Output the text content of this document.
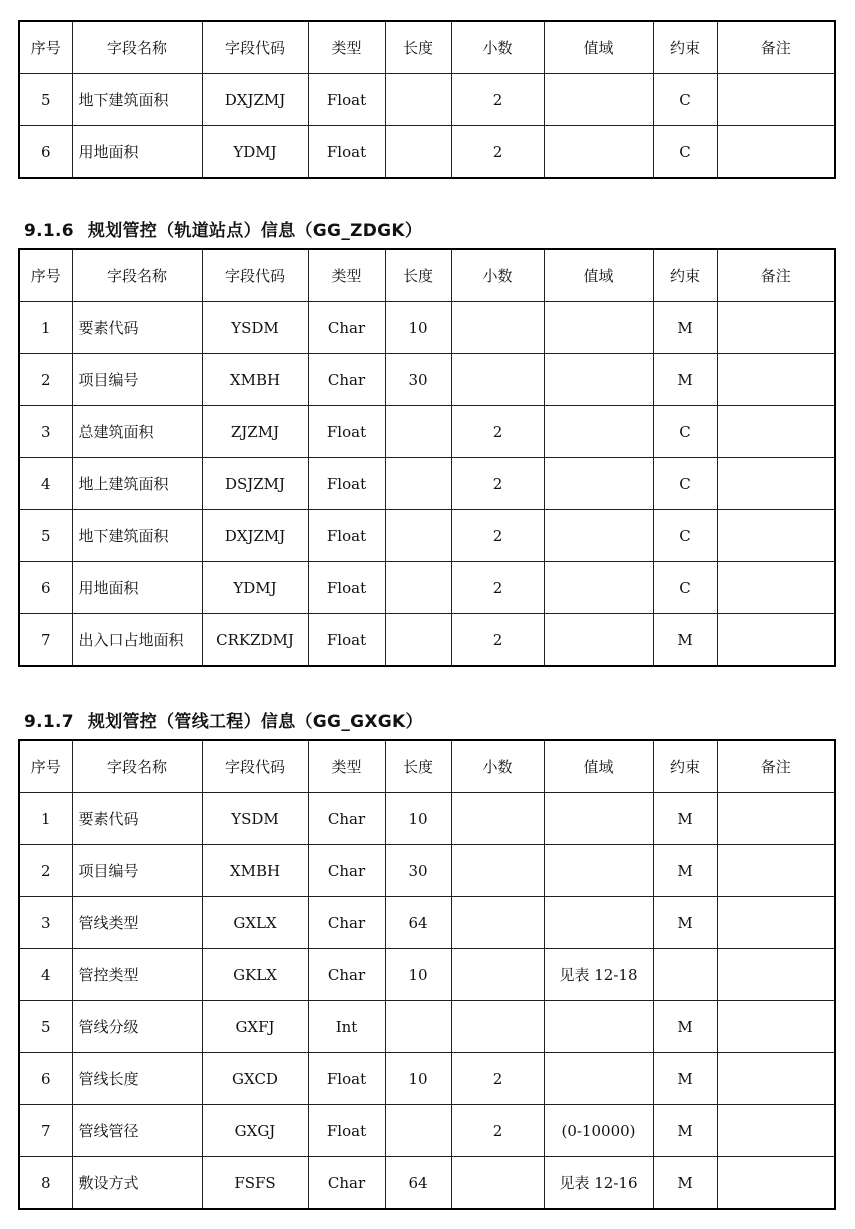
序号	字段名称	字段代码	类型	长度	小数	值域	约束	备注
5	地下建筑面积	DXJZMJ	Float		2		C	
6	用地面积	YDMJ	Float		2		C	
9.1.6 规划管控（轨道站点）信息（GG_ZDGK）
序号	字段名称	字段代码	类型	长度	小数	值域	约束	备注
1	要素代码	YSDM	Char	10			M	
2	项目编号	XMBH	Char	30			M	
3	总建筑面积	ZJZMJ	Float		2		C	
4	地上建筑面积	DSJZMJ	Float		2		C	
5	地下建筑面积	DXJZMJ	Float		2		C	
6	用地面积	YDMJ	Float		2		C	
7	出入口占地面积	CRKZDMJ	Float		2		M	
9.1.7 规划管控（管线工程）信息（GG_GXGK）
序号	字段名称	字段代码	类型	长度	小数	值域	约束	备注
1	要素代码	YSDM	Char	10			M	
2	项目编号	XMBH	Char	30			M	
3	管线类型	GXLX	Char	64			M	
4	管控类型	GKLX	Char	10		见表 12-18		
5	管线分级	GXFJ	Int				M	
6	管线长度	GXCD	Float	10	2		M	
7	管线管径	GXGJ	Float		2	(0-10000)	M	
8	敷设方式	FSFS	Char	64		见表 12-16	M	
